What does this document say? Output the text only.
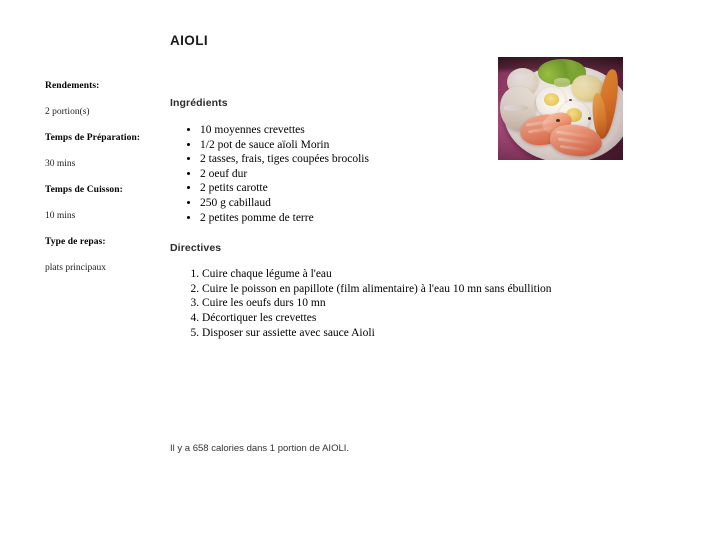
Rendements:

2 portion(s)

Temps de Préparation:

30 mins

Temps de Cuisson:

10 mins

Type de repas:

plats principaux

AIOLI
Ingrédients
• 10 moyennes crevettes
• 1/2 pot de sauce aïoli Morin
• 2 tasses, frais, tiges coupées brocolis
• 2 oeuf dur
• 2 petits carotte
• 250 g cabillaud
• 2 petites pomme de terre
Directives
1. Cuire chaque légume à l'eau
2. Cuire le poisson en papillote (film alimentaire) à l'eau 10 mn sans ébullition
3. Cuire les oeufs durs 10 mn
4. Décortiquer les crevettes
5. Disposer sur assiette avec sauce Aioli

Il y a 658 calories dans 1 portion de AIOLI.
